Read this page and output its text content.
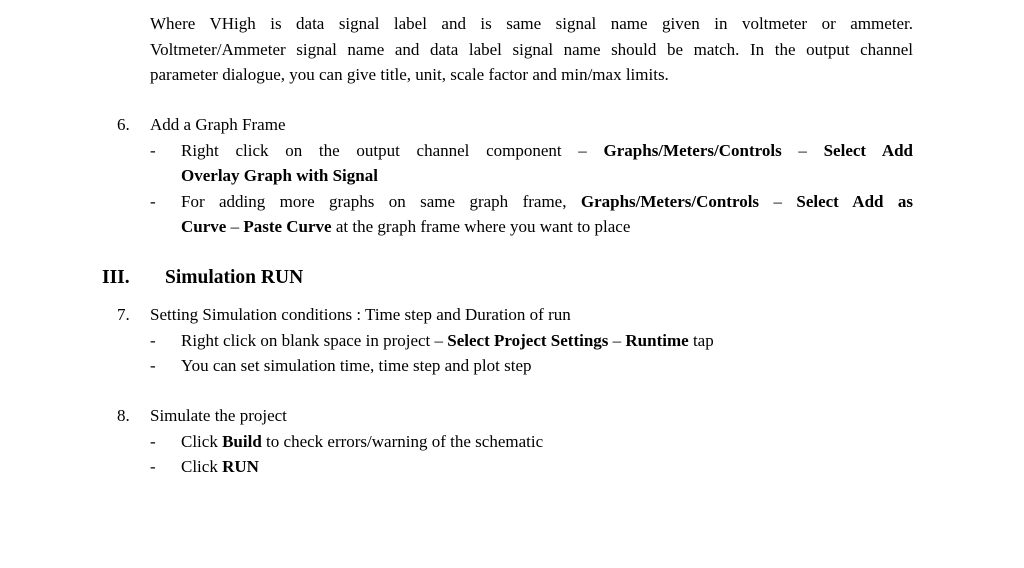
Where VHigh is data signal label and is same signal name given in voltmeter or ammeter.
Voltmeter/Ammeter signal name and data label signal name should be match. In the output channel
parameter dialogue, you can give title, unit, scale factor and min/max limits.
6.	Add a Graph Frame
-	Right click on the output channel component – Graphs/Meters/Controls – Select Add
Overlay Graph with Signal
-	For adding more graphs on same graph frame, Graphs/Meters/Controls – Select Add as
Curve – Paste Curve at the graph frame where you want to place
III.	Simulation RUN
7.	Setting Simulation conditions : Time step and Duration of run
-	Right click on blank space in project – Select Project Settings – Runtime tap
-	You can set simulation time, time step and plot step
8.	Simulate the project
-	Click Build to check errors/warning of the schematic
-	Click RUN
